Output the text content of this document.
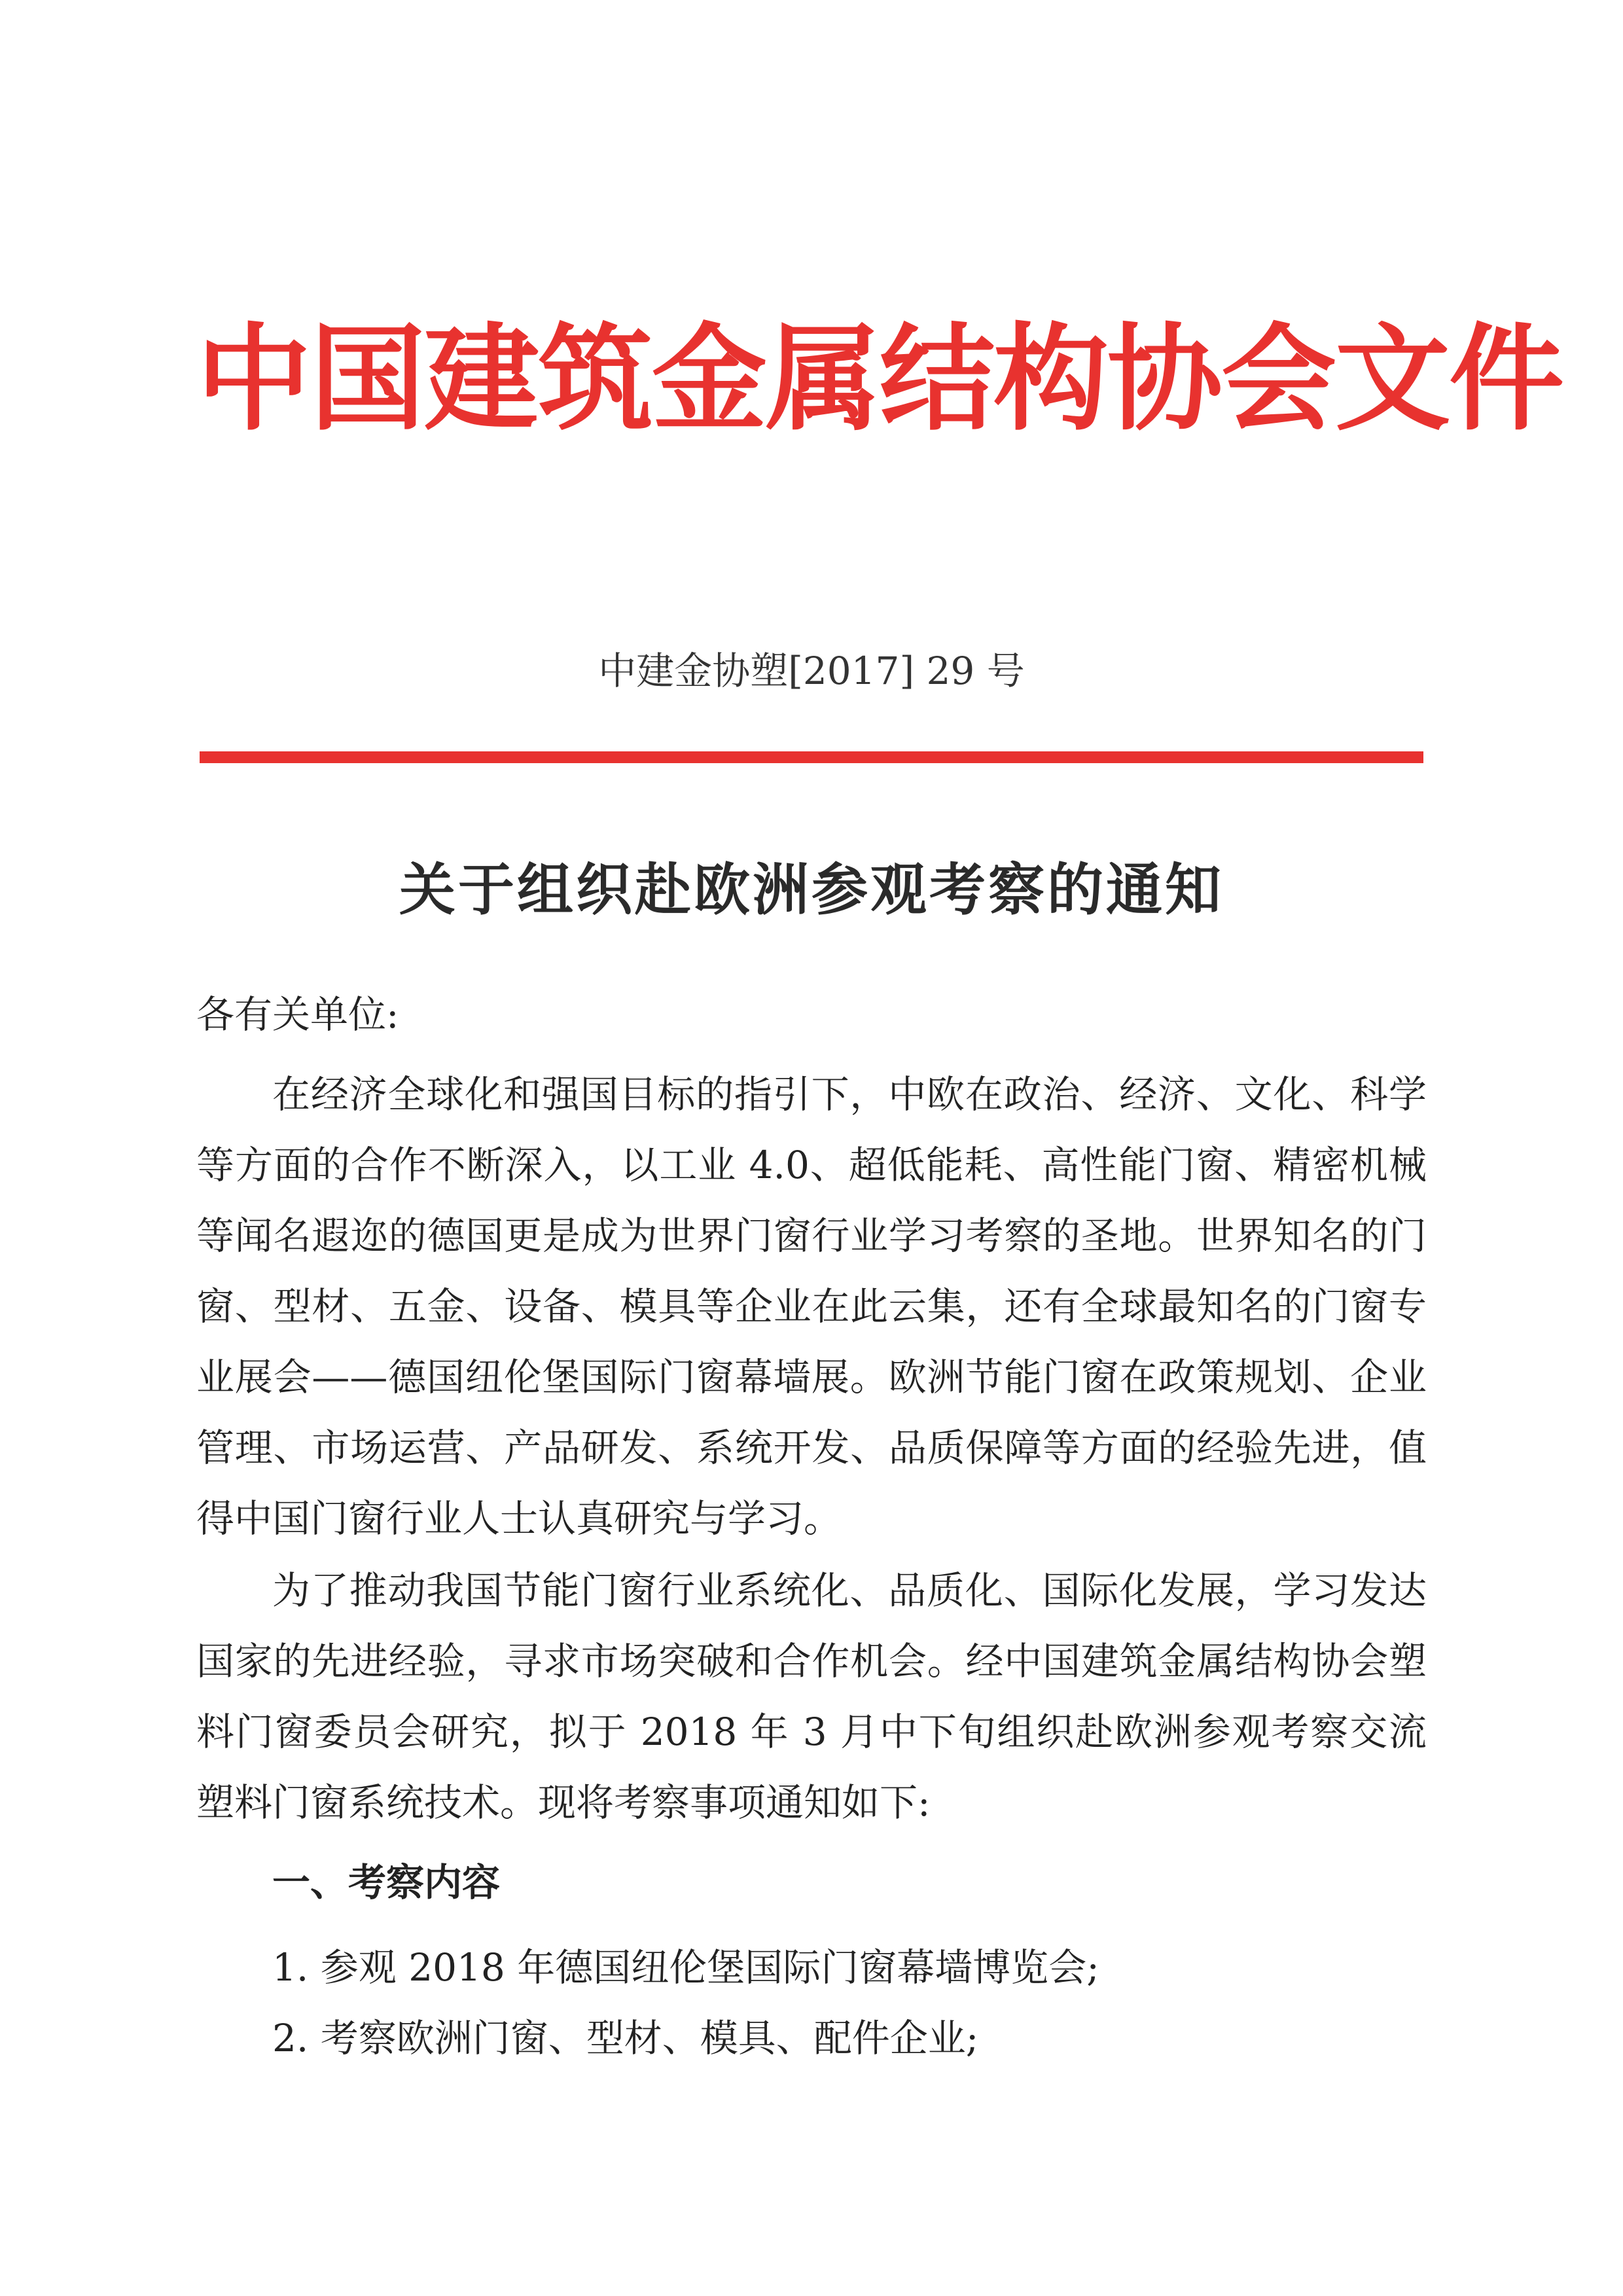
中国建筑金属结构协会文件
中建金协塑[2017] 29 号
关于组织赴欧洲参观考察的通知
各有关单位:

在经济全球化和强国目标的指引下，中欧在政治、经济、文化、科学等方面的合作不断深入，以工业 4.0、超低能耗、高性能门窗、精密机械等闻名遐迩的德国更是成为世界门窗行业学习考察的圣地。世界知名的门窗、型材、五金、设备、模具等企业在此云集，还有全球最知名的门窗专业展会——德国纽伦堡国际门窗幕墙展。欧洲节能门窗在政策规划、企业管理、市场运营、产品研发、系统开发、品质保障等方面的经验先进，值得中国门窗行业人士认真研究与学习。

为了推动我国节能门窗行业系统化、品质化、国际化发展，学习发达国家的先进经验，寻求市场突破和合作机会。经中国建筑金属结构协会塑料门窗委员会研究，拟于 2018 年 3 月中下旬组织赴欧洲参观考察交流塑料门窗系统技术。现将考察事项通知如下:

一、考察内容
1. 参观 2018 年德国纽伦堡国际门窗幕墙博览会;
2. 考察欧洲门窗、型材、模具、配件企业;
